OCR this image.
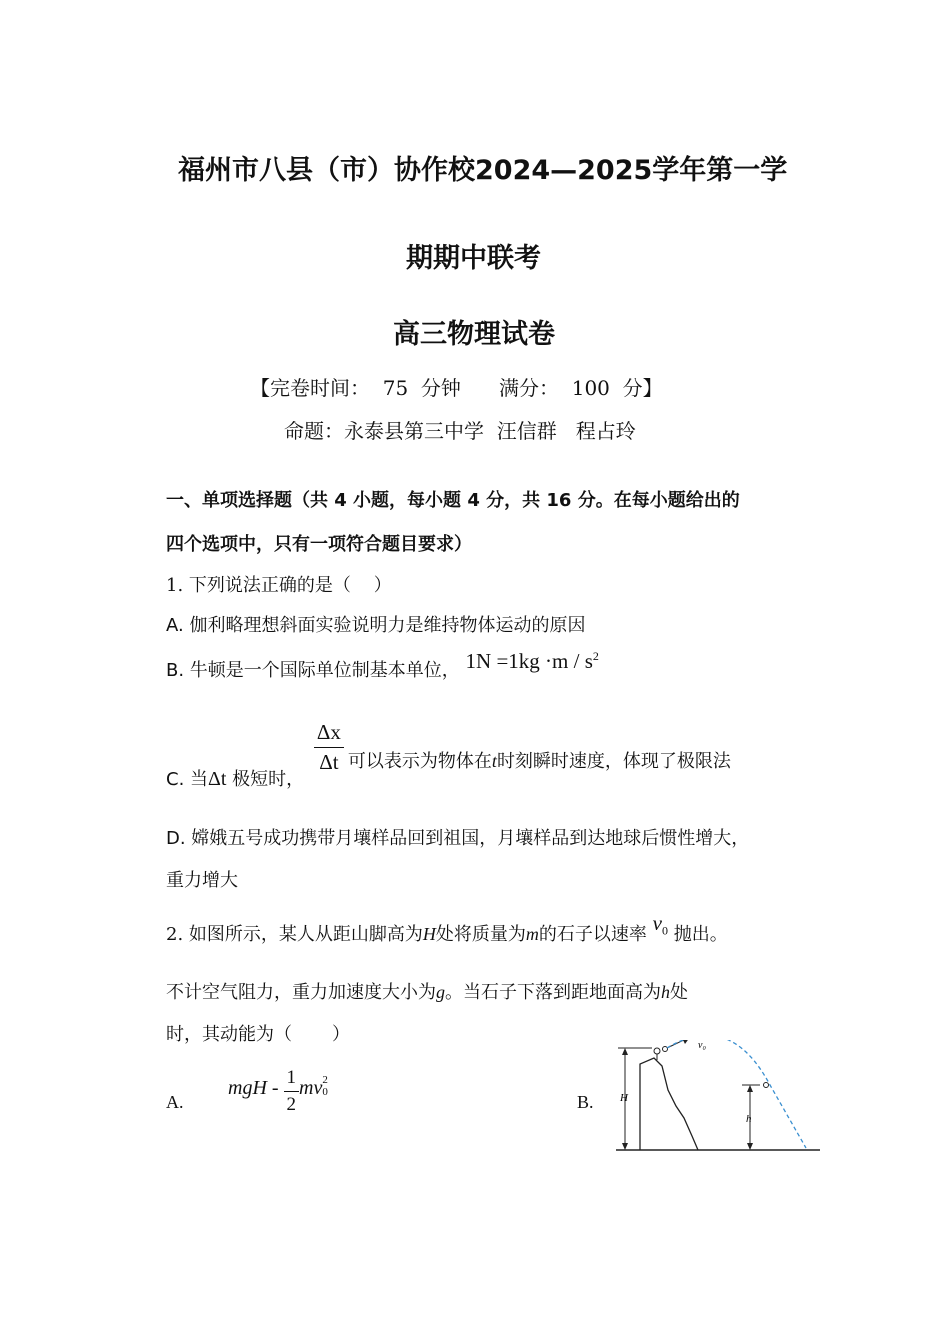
福州市八县（市）协作校2024—2025学年第一学
期期中联考
高三物理试卷
【完卷时间：  75  分钟      满分：  100  分】
命题：永泰县第三中学  汪信群   程占玲
一、单项选择题（共 4 小题，每小题 4 分，共 16 分。在每小题给出的
四个选项中，只有一项符合题目要求）
1. 下列说法正确的是（    ）
A. 伽利略理想斜面实验说明力是维持物体运动的原因
B. 牛顿是一个国际单位制基本单位， $1N =1kg \cdot m / s^2$
C. 当Δt 极短时，
$\frac{\Delta x}{\Delta t}$ 可以表示为物体在t时刻瞬时速度，体现了极限法
D. 嫦娥五号成功携带月壤样品回到祖国，月壤样品到达地球后惯性增大，
重力增大
2. 如图所示，某人从距山脚高为H处将质量为m的石子以速率 $v_0$ 抛出。
不计空气阻力，重力加速度大小为g。当石子下落到距地面高为h处
时，其动能为（       ）
A.
mgH - $\frac{1}{2}$ mv 2
0
B. H
v₀
h
